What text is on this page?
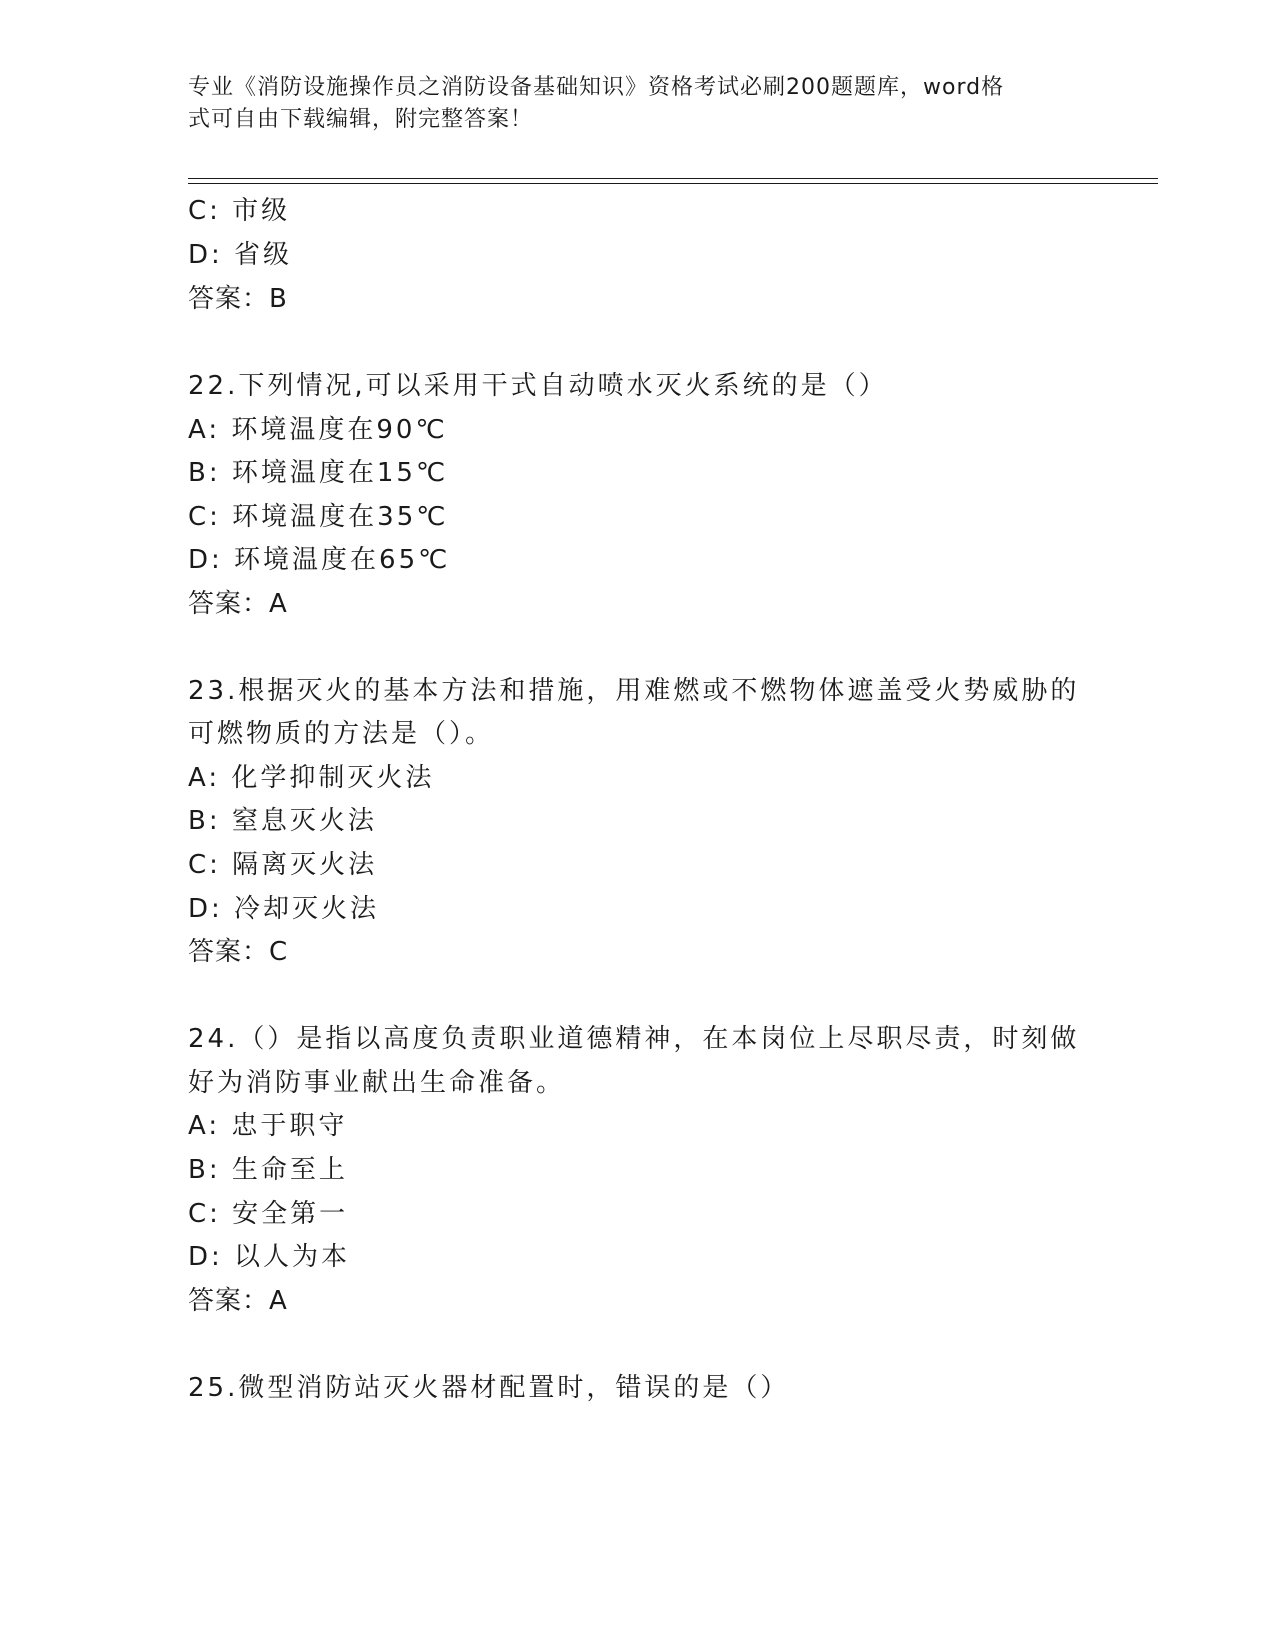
专业《消防设施操作员之消防设备基础知识》资格考试必刷200题题库，word格
式可自由下载编辑，附完整答案！
C: 市级
D: 省级
答案：B
22.下列情况,可以采用干式自动喷水灭火系统的是（）
A: 环境温度在90℃
B: 环境温度在15℃
C: 环境温度在35℃
D: 环境温度在65℃
答案：A
23.根据灭火的基本方法和措施，用难燃或不燃物体遮盖受火势威胁的
可燃物质的方法是（）。
A: 化学抑制灭火法
B: 窒息灭火法
C: 隔离灭火法
D: 冷却灭火法
答案：C
24.（）是指以高度负责职业道德精神，在本岗位上尽职尽责，时刻做
好为消防事业献出生命准备。
A: 忠于职守
B: 生命至上
C: 安全第一
D: 以人为本
答案：A
25.微型消防站灭火器材配置时，错误的是（）
